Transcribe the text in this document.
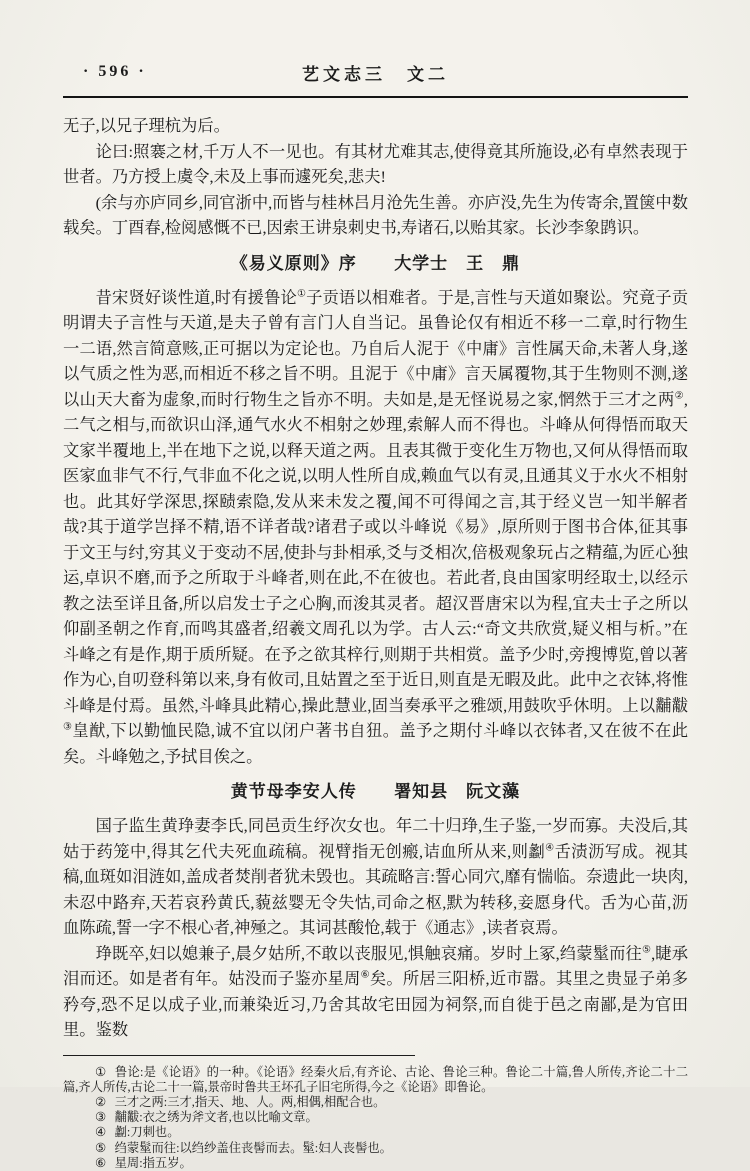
· 596 ·	艺文志三　文二

无子,以兄子理杭为后。

论曰:照褰之材,千万人不一见也。有其材尤难其志,使得竟其所施设,必有卓然表现于世者。乃方授上虞令,未及上事而遽死矣,悲夫!

(余与亦庐同乡,同官浙中,而皆与桂林吕月沧先生善。亦庐没,先生为传寄余,置箧中数载矣。丁酉春,检阅感慨不已,因索王讲泉刺史书,寿诸石,以贻其家。长沙李象鹍识。

《易义原则》序 大学士　王　鼎

昔宋贤好谈性道,时有援鲁论①子贡语以相难者。于是,言性与天道如聚讼。究竟子贡明谓夫子言性与天道,是夫子曾有言门人自当记。虽鲁论仅有相近不移一二章,时行物生一二语,然言简意赅,正可据以为定论也。乃自后人泥于《中庸》言性属天命,未著人身,遂以气质之性为恶,而相近不移之旨不明。且泥于《中庸》言天属覆物,其于生物则不测,遂以山天大畜为虚象,而时行物生之旨亦不明。夫如是,是无怪说易之家,惘然于三才之两②,二气之相与,而欲识山泽,通气水火不相射之妙理,索解人而不得也。斗峰从何得悟而取天文家半覆地上,半在地下之说,以释天道之两。且表其微于变化生万物也,又何从得悟而取医家血非气不行,气非血不化之说,以明人性所自成,赖血气以有灵,且通其义于水火不相射也。此其好学深思,探赜索隐,发从来未发之覆,闻不可得闻之言,其于经义岂一知半解者哉?其于道学岂择不精,语不详者哉?诸君子或以斗峰说《易》,原所则于图书合体,征其事于文王与纣,穷其义于变动不居,使卦与卦相承,爻与爻相次,倍极观象玩占之精蕴,为匠心独运,卓识不磨,而予之所取于斗峰者,则在此,不在彼也。若此者,良由国家明经取士,以经示教之法至详且备,所以启发士子之心胸,而浚其灵者。超汉晋唐宋以为程,宜夫士子之所以仰副圣朝之作育,而鸣其盛者,绍羲文周孔以为学。古人云:“奇文共欣赏,疑义相与析。”在斗峰之有是作,期于质所疑。在予之欲其梓行,则期于共相赏。盖予少时,旁搜博览,曾以著作为心,自叨登科第以来,身有攸司,且姑置之至于近日,则直是无暇及此。此中之衣钵,将惟斗峰是付焉。虽然,斗峰具此精心,操此慧业,固当奏承平之雅颂,用鼓吹乎休明。上以黼黻③皇猷,下以勤恤民隐,诚不宜以闭户著书自狃。盖予之期付斗峰以衣钵者,又在彼不在此矣。斗峰勉之,予拭目俟之。

黄节母李安人传 署知县　阮文藻

国子监生黄琤妻李氏,同邑贡生纾次女也。年二十归琤,生子鉴,一岁而寡。夫没后,其姑于药笼中,得其乞代夫死血疏稿。视臂指无创瘢,诘血所从来,则劙④舌渍沥写成。视其稿,血斑如泪涟如,盖成者焚削者犹未毁也。其疏略言:誓心同穴,靡有惴临。奈遗此一块肉,未忍中路弃,天若哀矜黄氏,藐兹婴无令失怙,司命之枢,默为转移,妾愿身代。舌为心苗,沥血陈疏,誓一字不根心者,神殛之。其词甚酸怆,载于《通志》,读者哀焉。

琤既卒,妇以媳兼子,晨夕姑所,不敢以丧服见,惧触哀痛。岁时上冢,绉蒙髽而往⑤,睫承泪而还。如是者有年。姑没而子鉴亦星周⑥矣。所居三阳桥,近市嚣。其里之贵显子弟多矜夸,恐不足以成子业,而兼染近习,乃舍其故宅田园为祠祭,而自徙于邑之南鄙,是为官田里。鉴数

① 鲁论:是《论语》的一种。《论语》经秦火后,有齐论、古论、鲁论三种。鲁论二十篇,鲁人所传,齐论二十二篇,齐人所传,古论二十一篇,景帝时鲁共王坏孔子旧宅所得,今之《论语》即鲁论。

② 三才之两:三才,指天、地、人。两,相偶,相配合也。

③ 黼黻:衣之绣为斧文者,也以比喻文章。

④ 劙:刀刺也。

⑤ 绉蒙髽而往:以绉纱盖住丧髻而去。髽:妇人丧髻也。

⑥ 星周:指五岁。
